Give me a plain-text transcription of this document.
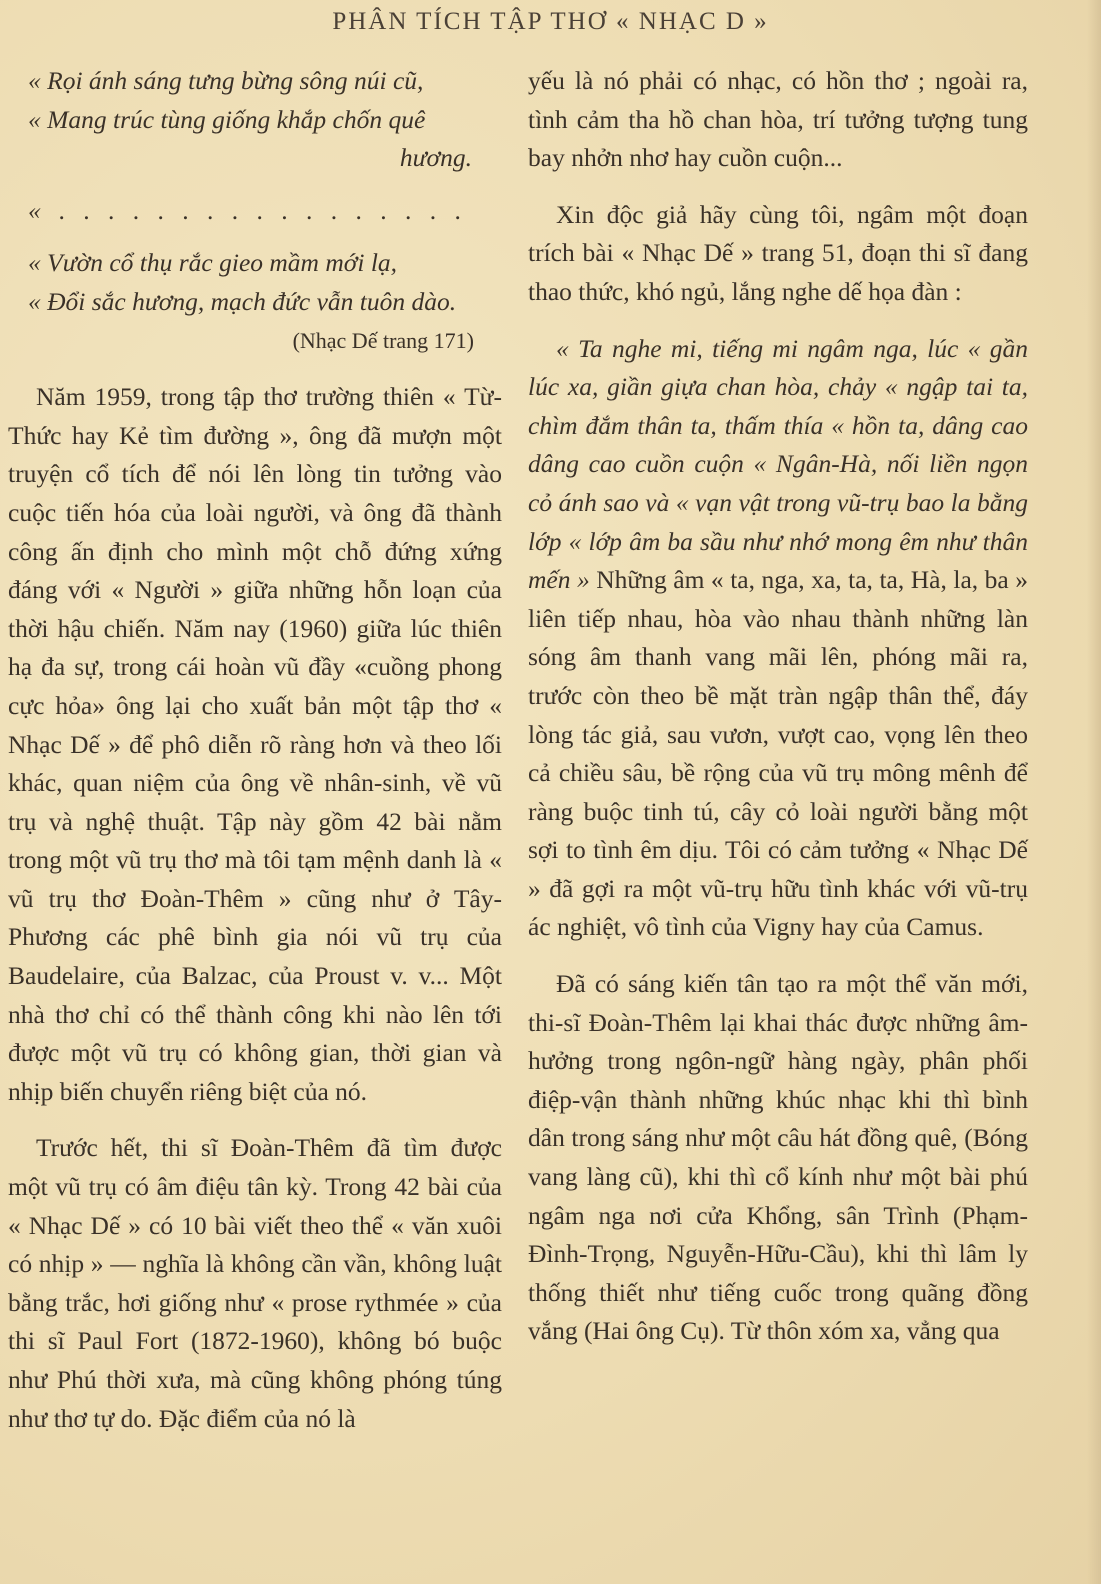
PHÂN TÍCH TẬP THƠ « NHẠC D »
« Rọi ánh sáng tưng bừng sông núi cũ,
« Mang trúc tùng giống khắp chốn quê
hương.
« . . . . . . . . . . . . . . . . .
« Vườn cổ thụ rắc gieo mầm mới lạ,
« Đổi sắc hương, mạch đức vẫn tuôn dào.
(Nhạc Dế trang 171)

Năm 1959, trong tập thơ trường thiên « Từ-Thức hay Kẻ tìm đường », ông đã mượn một truyện cổ tích để nói lên lòng tin tưởng vào cuộc tiến hóa của loài người, và ông đã thành công ấn định cho mình một chỗ đứng xứng đáng với « Người » giữa những hỗn loạn của thời hậu chiến. Năm nay (1960) giữa lúc thiên hạ đa sự, trong cái hoàn vũ đầy «cuồng phong cực hỏa» ông lại cho xuất bản một tập thơ « Nhạc Dế » để phô diễn rõ ràng hơn và theo lối khác, quan niệm của ông về nhân-sinh, về vũ trụ và nghệ thuật. Tập này gồm 42 bài nằm trong một vũ trụ thơ mà tôi tạm mệnh danh là « vũ trụ thơ Đoàn-Thêm » cũng như ở Tây-Phương các phê bình gia nói vũ trụ của Baudelaire, của Balzac, của Proust v. v... Một nhà thơ chỉ có thể thành công khi nào lên tới được một vũ trụ có không gian, thời gian và nhịp biến chuyển riêng biệt của nó.

Trước hết, thi sĩ Đoàn-Thêm đã tìm được một vũ trụ có âm điệu tân kỳ. Trong 42 bài của « Nhạc Dế » có 10 bài viết theo thể « văn xuôi có nhịp » — nghĩa là không cần vần, không luật bằng trắc, hơi giống như « prose rythmée » của thi sĩ Paul Fort (1872-1960), không bó buộc như Phú thời xưa, mà cũng không phóng túng như thơ tự do. Đặc điểm của nó là

yếu là nó phải có nhạc, có hồn thơ ; ngoài ra, tình cảm tha hồ chan hòa, trí tưởng tượng tung bay nhởn nhơ hay cuồn cuộn...

Xin độc giả hãy cùng tôi, ngâm một đoạn trích bài « Nhạc Dế » trang 51, đoạn thi sĩ đang thao thức, khó ngủ, lắng nghe dế họa đàn :

« Ta nghe mi, tiếng mi ngâm nga, lúc « gần lúc xa, giần giựa chan hòa, chảy « ngập tai ta, chìm đắm thân ta, thấm thía « hồn ta, dâng cao dâng cao cuồn cuộn « Ngân-Hà, nối liền ngọn cỏ ánh sao và « vạn vật trong vũ-trụ bao la bằng lớp « lớp âm ba sầu như nhớ mong êm như thân mến » Những âm « ta, nga, xa, ta, ta, Hà, la, ba » liên tiếp nhau, hòa vào nhau thành những làn sóng âm thanh vang mãi lên, phóng mãi ra, trước còn theo bề mặt tràn ngập thân thể, đáy lòng tác giả, sau vươn, vượt cao, vọng lên theo cả chiều sâu, bề rộng của vũ trụ mông mênh để ràng buộc tinh tú, cây cỏ loài người bằng một sợi to tình êm dịu. Tôi có cảm tưởng « Nhạc Dế » đã gợi ra một vũ-trụ hữu tình khác với vũ-trụ ác nghiệt, vô tình của Vigny hay của Camus.

Đã có sáng kiến tân tạo ra một thể văn mới, thi-sĩ Đoàn-Thêm lại khai thác được những âm-hưởng trong ngôn-ngữ hàng ngày, phân phối điệp-vận thành những khúc nhạc khi thì bình dân trong sáng như một câu hát đồng quê, (Bóng vang làng cũ), khi thì cổ kính như một bài phú ngâm nga nơi cửa Khổng, sân Trình (Phạm-Đình-Trọng, Nguyễn-Hữu-Cầu), khi thì lâm ly thống thiết như tiếng cuốc trong quãng đồng vắng (Hai ông Cụ). Từ thôn xóm xa, vẳng qua
